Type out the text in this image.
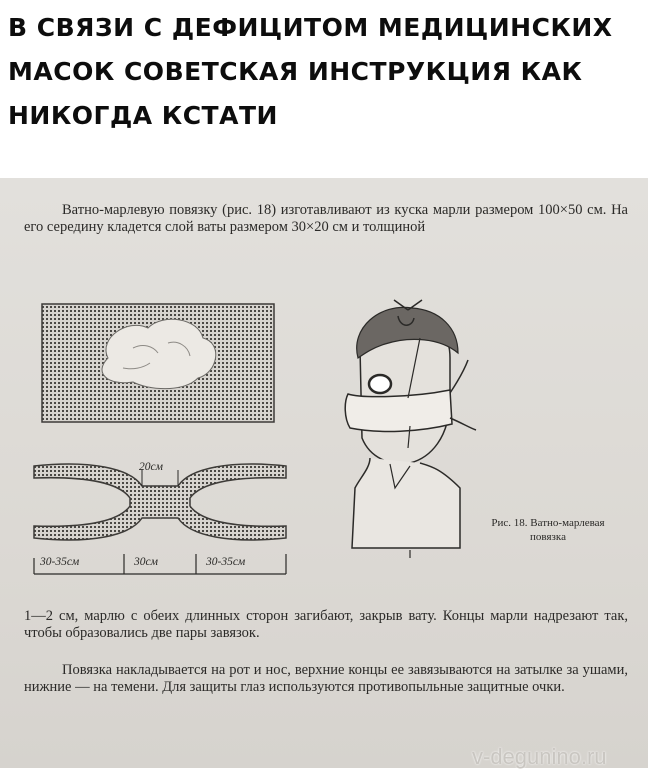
В СВЯЗИ С ДЕФИЦИТОМ МЕДИЦИНСКИХ МАСОК СОВЕТСКАЯ ИНСТРУКЦИЯ КАК НИКОГДА КСТАТИ
Ватно-марлевую повязку (рис. 18) изготавливают из куска марли размером 100×50 см. На его середину кладется слой ваты размером 30×20 см и толщиной
20см
30-35см	30см	30-35см
Рис. 18. Ватно-марлевая повязка
1—2 см, марлю с обеих длинных сторон загибают, закрыв вату. Концы марли надрезают так, чтобы образовались две пары завязок.
Повязка накладывается на рот и нос, верхние концы ее завязываются на затылке за ушами, нижние — на темени. Для защиты глаз используются противопыльные защитные очки.
v-degunino.ru
